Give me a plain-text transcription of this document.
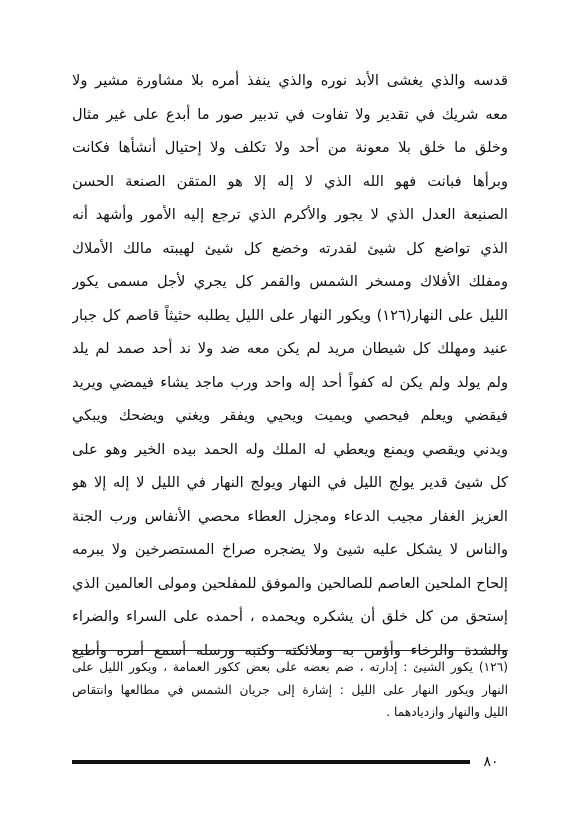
قدسه والذي يغشى الأبد نوره والذي ينفذ أمره بلا مشاورة مشير ولا
معه شريك في تقدير ولا تفاوت في تدبير صور ما أبدع على غير مثال
وخلق ما خلق بلا معونة من أحد ولا تكلف ولا إحتيال أنشأها فكانت
وبرأها فبانت فهو الله الذي لا إله إلا هو المتقن الصنعة الحسن
الصنيعة العدل الذي لا يجور والأكرم الذي ترجع إليه الأمور وأشهد أنه
الذي تواضع كل شيئ لقدرته وخضع كل شيئ لهيبته مالك الأملاك
ومفلك الأفلاك ومسخر الشمس والقمر كل يجري لأجل مسمى يكور
الليل على النهار(١٢٦) ويكور النهار على الليل يطلبه حثيثاً قاصم كل جبار
عنيد ومهلك كل شيطان مريد لم يكن معه ضد ولا ند أحد صمد لم يلد
ولم يولد ولم يكن له كفواً أحد إله واحد ورب ماجد يشاء فيمضي ويريد
فيقضي ويعلم فيحصي ويميت ويحيي ويفقر ويغني ويضحك ويبكي
ويدني ويقصي ويمنع ويعطي له الملك وله الحمد بيده الخير وهو على
كل شيئ قدير يولج الليل في النهار ويولج النهار في الليل لا إله إلا هو
العزيز الغفار مجيب الدعاء ومجزل العطاء محصي الأنفاس ورب الجنة
والناس لا يشكل عليه شيئ ولا يضجره صراخ المستصرخين ولا يبرمه
إلحاح الملحين العاصم للصالحين والموفق للمفلحين ومولى العالمين الذي
إستحق من كل خلق أن يشكره ويحمده ، أحمده على السراء والضراء
والشدة والرخاء وأؤمن به وملائكته وكتبه ورسله أسمع أمره وأطيع
(١٢٦) يكور الشيئ : إدارته ، ضم بعضه على بعض ككور العمامة ، ويكور الليل على
النهار ويكور النهار على الليل : إشارة إلى جريان الشمس في مطالعها وانتقاص
الليل والنهار وازديادهما .
٨٠
